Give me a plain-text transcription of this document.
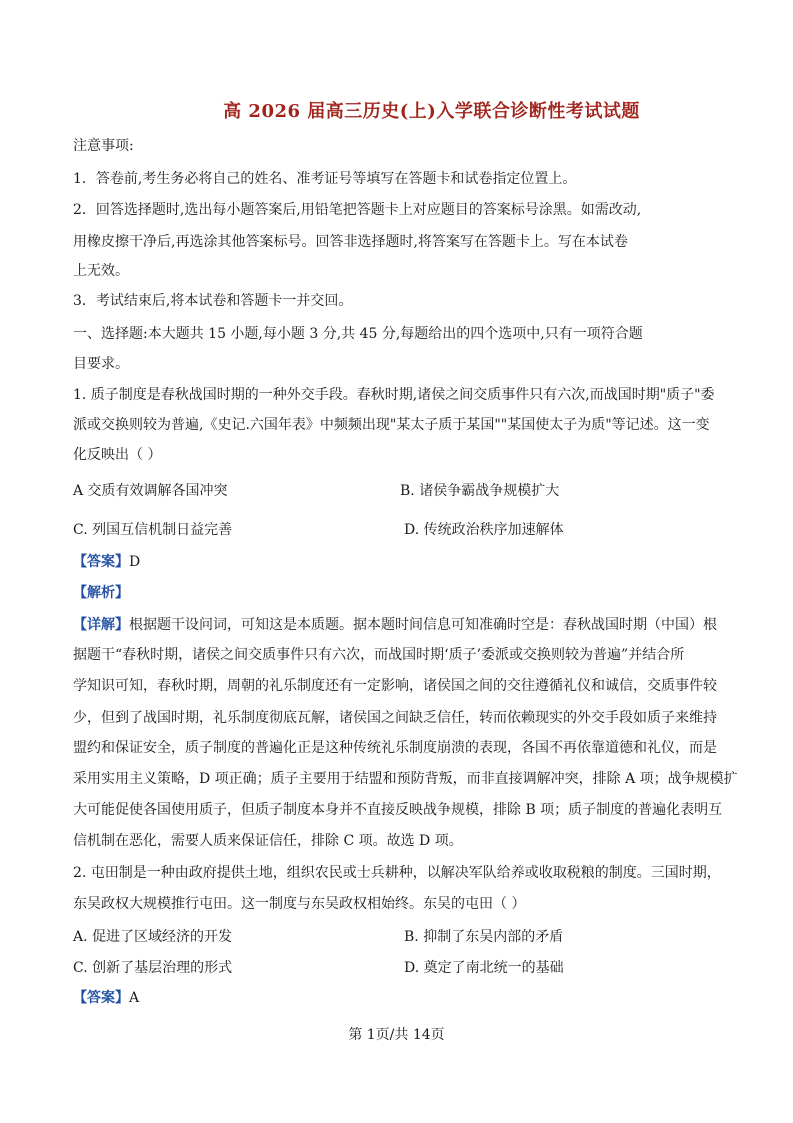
高 2026 届高三历史(上)入学联合诊断性考试试题
注意事项:
1．答卷前,考生务必将自己的姓名、准考证号等填写在答题卡和试卷指定位置上。
2．回答选择题时,选出每小题答案后,用铅笔把答题卡上对应题目的答案标号涂黑。如需改动,
用橡皮擦干净后,再选涂其他答案标号。回答非选择题时,将答案写在答题卡上。写在本试卷
上无效。
3．考试结束后,将本试卷和答题卡一并交回。
一、选择题:本大题共 15 小题,每小题 3 分,共 45 分,每题给出的四个选项中,只有一项符合题
目要求。
1. 质子制度是春秋战国时期的一种外交手段。春秋时期,诸侯之间交质事件只有六次,而战国时期"质子"委
派或交换则较为普遍,《史记.六国年表》中频频出现"某太子质于某国""某国使太子为质"等记述。这一变
化反映出（ ）
A 交质有效调解各国冲突	B. 诸侯争霸战争规模扩大
C. 列国互信机制日益完善	D. 传统政治秩序加速解体
【答案】D
【解析】
【详解】根据题干设问词，可知这是本质题。据本题时间信息可知准确时空是：春秋战国时期（中国）根
据题干“春秋时期，诸侯之间交质事件只有六次，而战国时期‘质子’委派或交换则较为普遍”并结合所
学知识可知，春秋时期，周朝的礼乐制度还有一定影响，诸侯国之间的交往遵循礼仪和诚信，交质事件较
少，但到了战国时期，礼乐制度彻底瓦解，诸侯国之间缺乏信任，转而依赖现实的外交手段如质子来维持
盟约和保证安全，质子制度的普遍化正是这种传统礼乐制度崩溃的表现，各国不再依靠道德和礼仪，而是
采用实用主义策略，D 项正确；质子主要用于结盟和预防背叛，而非直接调解冲突，排除 A 项；战争规模扩
大可能促使各国使用质子，但质子制度本身并不直接反映战争规模，排除 B 项；质子制度的普遍化表明互
信机制在恶化，需要人质来保证信任，排除 C 项。故选 D 项。
2. 屯田制是一种由政府提供土地，组织农民或士兵耕种，以解决军队给养或收取税粮的制度。三国时期，
东吴政权大规模推行屯田。这一制度与东吴政权相始终。东吴的屯田（ ）
A. 促进了区域经济的开发	B. 抑制了东吴内部的矛盾
C. 创新了基层治理的形式	D. 奠定了南北统一的基础
【答案】A
第 1页/共 14页
